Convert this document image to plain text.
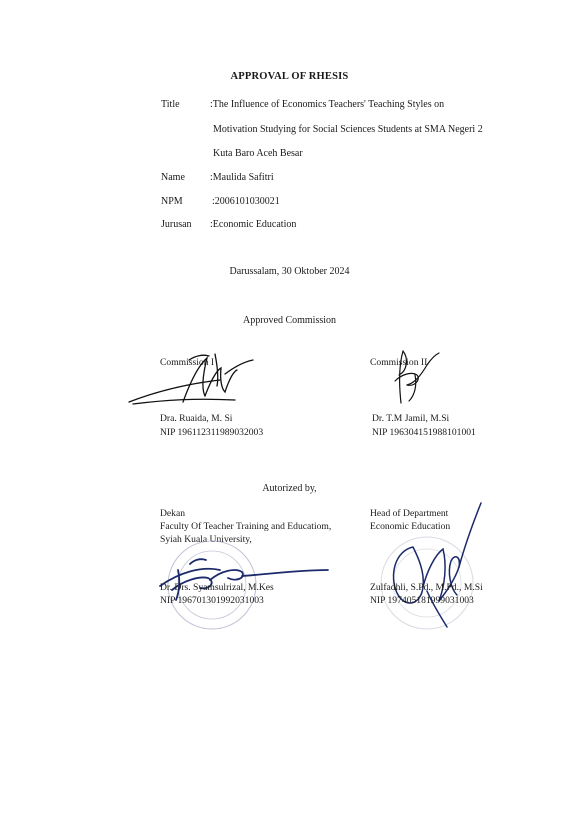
APPROVAL OF RHESIS
Title	:The Influence of Economics Teachers' Teaching Styles on
Motivation Studying for Social Sciences Students at SMA Negeri 2
Kuta Baro Aceh Besar
Name	:Maulida Safitri
NPM	:2006101030021
Jurusan :Economic Education
Darussalam, 30 Oktober 2024
Approved Commission
Commission I
Dra. Ruaida, M. Si
NIP 196112311989032003
Commission II
Dr. T.M Jamil, M.Si
NIP 196304151988101001
Autorized by,
Dekan
Faculty Of Teacher Training and Educatiom,
Syiah Kuala University,
Dr. Drs. Syamsulrizal, M.Kes
NIP 196701301992031003
Head of Department
Economic Education
Zulfadhli, S.Pd., M.Pd., M.Si
NIP 197405181999031003
